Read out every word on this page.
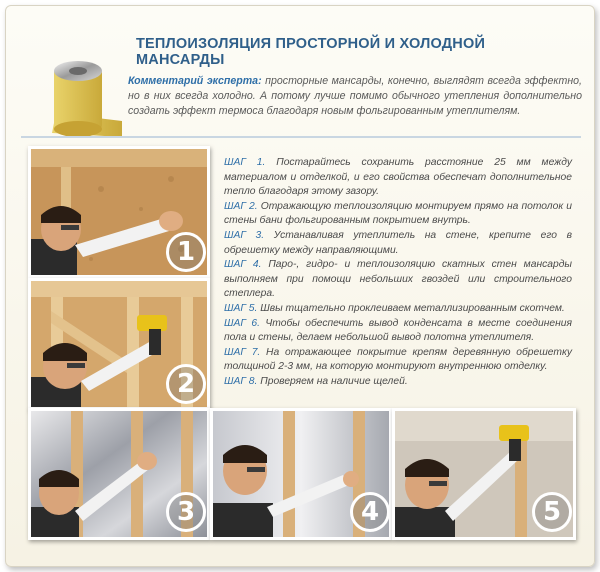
ТЕПЛОИЗОЛЯЦИЯ ПРОСТОРНОЙ И ХОЛОДНОЙ МАНСАРДЫ
Комментарий эксперта: просторные мансарды, конечно, выглядят всегда эффектно, но в них всегда холодно. А потому лучше помимо обычного утепления дополнительно создать эффект термоса благодаря новым фольгированным утеплителям.

ШАГ 1. Постарайтесь сохранить расстояние 25 мм между материалом и отделкой, и его свойства обеспечат дополнительное тепло благодаря этому зазору.

ШАГ 2. Отражающую теплоизоляцию монтируем прямо на потолок и стены бани фольгированным покрытием внутрь.

ШАГ 3. Устанавливая утеплитель на стене, крепите его в обрешетку между направляющими.

ШАГ 4. Паро-, гидро- и теплоизоляцию скатных стен мансарды выполняем при помощи небольших гвоздей или строительного степлера.

ШАГ 5. Швы тщательно проклеиваем металлизированным скотчем.

ШАГ 6. Чтобы обеспечить вывод конденсата в месте соединения пола и стены, делаем небольшой вывод полотна утеплителя.

ШАГ 7. На отражающее покрытие крепям деревянную обрешетку толщиной 2-3 мм, на которую монтируют внутреннюю отделку.

ШАГ 8. Проверяем на наличие щелей.

1
2
3	4	5
